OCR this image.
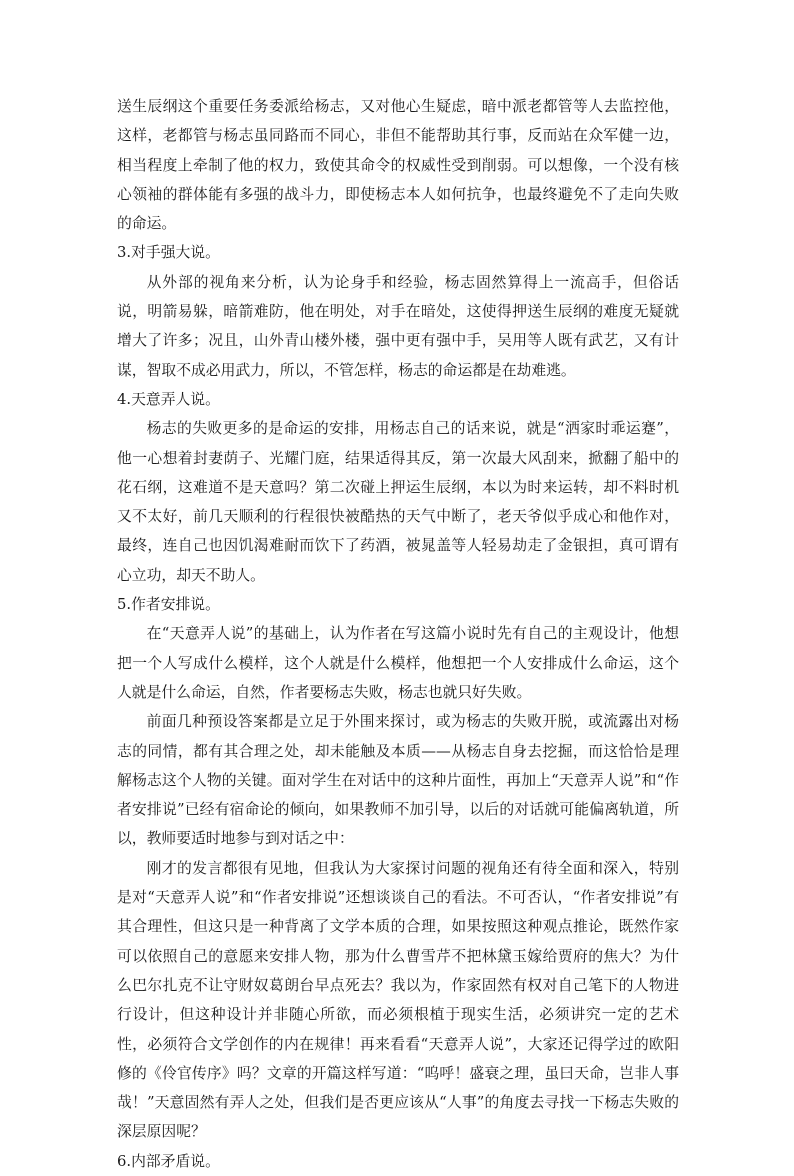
送生辰纲这个重要任务委派给杨志，又对他心生疑虑，暗中派老都管等人去监控他，这样，老都管与杨志虽同路而不同心，非但不能帮助其行事，反而站在众军健一边，相当程度上牵制了他的权力，致使其命令的权威性受到削弱。可以想像，一个没有核心领袖的群体能有多强的战斗力，即使杨志本人如何抗争，也最终避免不了走向失败的命运。

3.对手强大说。

从外部的视角来分析，认为论身手和经验，杨志固然算得上一流高手，但俗话说，明箭易躲，暗箭难防，他在明处，对手在暗处，这使得押送生辰纲的难度无疑就增大了许多；况且，山外青山楼外楼，强中更有强中手，吴用等人既有武艺，又有计谋，智取不成必用武力，所以，不管怎样，杨志的命运都是在劫难逃。

4.天意弄人说。

杨志的失败更多的是命运的安排，用杨志自己的话来说，就是“洒家时乖运蹇”，他一心想着封妻荫子、光耀门庭，结果适得其反，第一次最大风刮来，掀翻了船中的花石纲，这难道不是天意吗？第二次碰上押运生辰纲，本以为时来运转，却不料时机又不太好，前几天顺利的行程很快被酷热的天气中断了，老天爷似乎成心和他作对，最终，连自己也因饥渴难耐而饮下了药酒，被晁盖等人轻易劫走了金银担，真可谓有心立功，却天不助人。

5.作者安排说。

在“天意弄人说”的基础上，认为作者在写这篇小说时先有自己的主观设计，他想把一个人写成什么模样，这个人就是什么模样，他想把一个人安排成什么命运，这个人就是什么命运，自然，作者要杨志失败，杨志也就只好失败。

前面几种预设答案都是立足于外围来探讨，或为杨志的失败开脱，或流露出对杨志的同情，都有其合理之处，却未能触及本质——从杨志自身去挖掘，而这恰恰是理解杨志这个人物的关键。面对学生在对话中的这种片面性，再加上“天意弄人说”和“作者安排说”已经有宿命论的倾向，如果教师不加引导，以后的对话就可能偏离轨道，所以，教师要适时地参与到对话之中：

刚才的发言都很有见地，但我认为大家探讨问题的视角还有待全面和深入，特别是对“天意弄人说”和“作者安排说”还想谈谈自己的看法。不可否认，“作者安排说”有其合理性，但这只是一种背离了文学本质的合理，如果按照这种观点推论，既然作家可以依照自己的意愿来安排人物，那为什么曹雪芹不把林黛玉嫁给贾府的焦大？为什么巴尔扎克不让守财奴葛朗台早点死去？我以为，作家固然有权对自己笔下的人物进行设计，但这种设计并非随心所欲，而必须根植于现实生活，必须讲究一定的艺术性，必须符合文学创作的内在规律！再来看看“天意弄人说”，大家还记得学过的欧阳修的《伶官传序》吗？文章的开篇这样写道：“呜呼！盛衰之理，虽曰天命，岂非人事哉！”天意固然有弄人之处，但我们是否更应该从“人事”的角度去寻找一下杨志失败的深层原因呢？

6.内部矛盾说。
